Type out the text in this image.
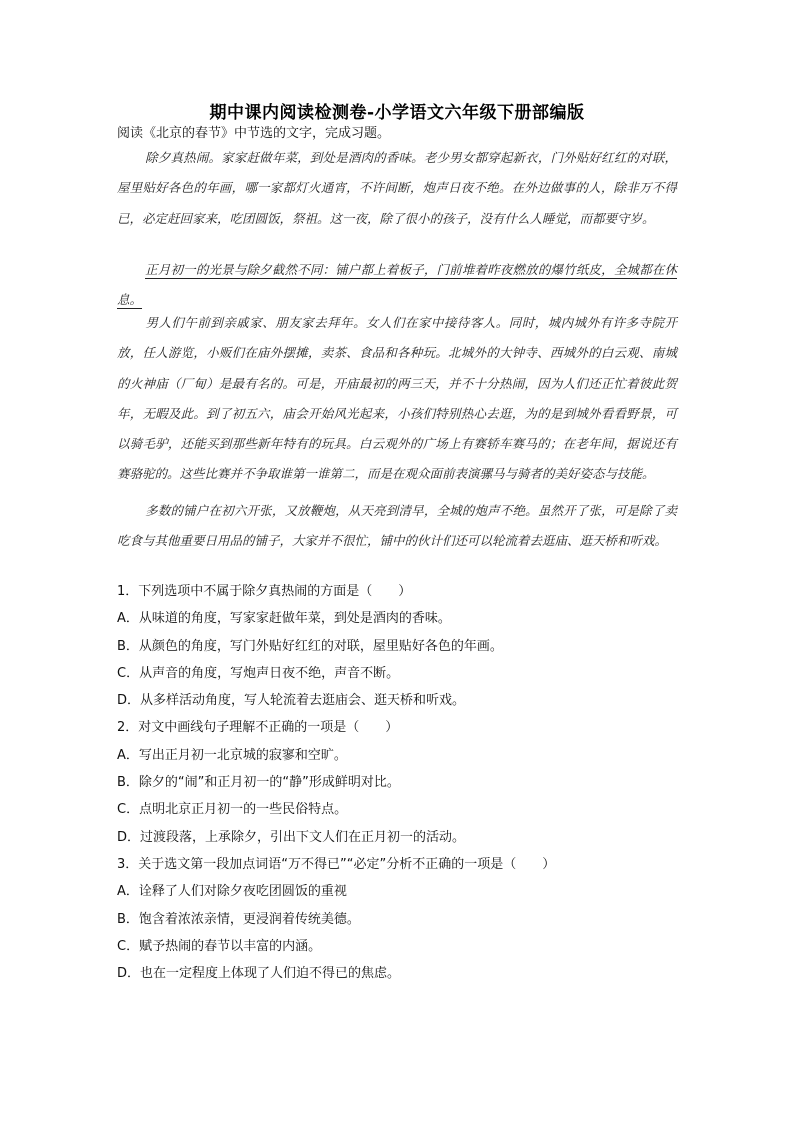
期中课内阅读检测卷-小学语文六年级下册部编版
阅读《北京的春节》中节选的文字，完成习题。

除夕真热闹。家家赶做年菜，到处是酒肉的香味。老少男女都穿起新衣，门外贴好红红的对联，屋里贴好各色的年画，哪一家都灯火通宵，不许间断，炮声日夜不绝。在外边做事的人，除非万不得已，必定赶回家来，吃团圆饭，祭祖。这一夜，除了很小的孩子，没有什么人睡觉，而都要守岁。

正月初一的光景与除夕截然不同：铺户都上着板子，门前堆着昨夜燃放的爆竹纸皮，全城都在休息。

男人们午前到亲戚家、朋友家去拜年。女人们在家中接待客人。同时，城内城外有许多寺院开放，任人游览，小贩们在庙外摆摊，卖茶、食品和各种玩。北城外的大钟寺、西城外的白云观、南城的火神庙（厂甸）是最有名的。可是，开庙最初的两三天，并不十分热闹，因为人们还正忙着彼此贺年，无暇及此。到了初五六，庙会开始风光起来，小孩们特别热心去逛，为的是到城外看看野景，可以骑毛驴，还能买到那些新年特有的玩具。白云观外的广场上有赛轿车赛马的；在老年间，据说还有赛骆驼的。这些比赛并不争取谁第一谁第二，而是在观众面前表演骡马与骑者的美好姿态与技能。

多数的铺户在初六开张，又放鞭炮，从天亮到清早，全城的炮声不绝。虽然开了张，可是除了卖吃食与其他重要日用品的铺子，大家并不很忙，铺中的伙计们还可以轮流着去逛庙、逛天桥和听戏。

1．下列选项中不属于除夕真热闹的方面是（　　）
A．从味道的角度，写家家赶做年菜，到处是酒肉的香味。
B．从颜色的角度，写门外贴好红红的对联，屋里贴好各色的年画。
C．从声音的角度，写炮声日夜不绝，声音不断。
D．从多样活动角度，写人轮流着去逛庙会、逛天桥和听戏。
2．对文中画线句子理解不正确的一项是（　　）
A．写出正月初一北京城的寂寥和空旷。
B．除夕的“闹”和正月初一的“静”形成鲜明对比。
C．点明北京正月初一的一些民俗特点。
D．过渡段落，上承除夕，引出下文人们在正月初一的活动。
3．关于选文第一段加点词语“万不得已”“必定”分析不正确的一项是（　　）
A．诠释了人们对除夕夜吃团圆饭的重视
B．饱含着浓浓亲情，更浸润着传统美德。
C．赋予热闹的春节以丰富的内涵。
D．也在一定程度上体现了人们迫不得已的焦虑。
